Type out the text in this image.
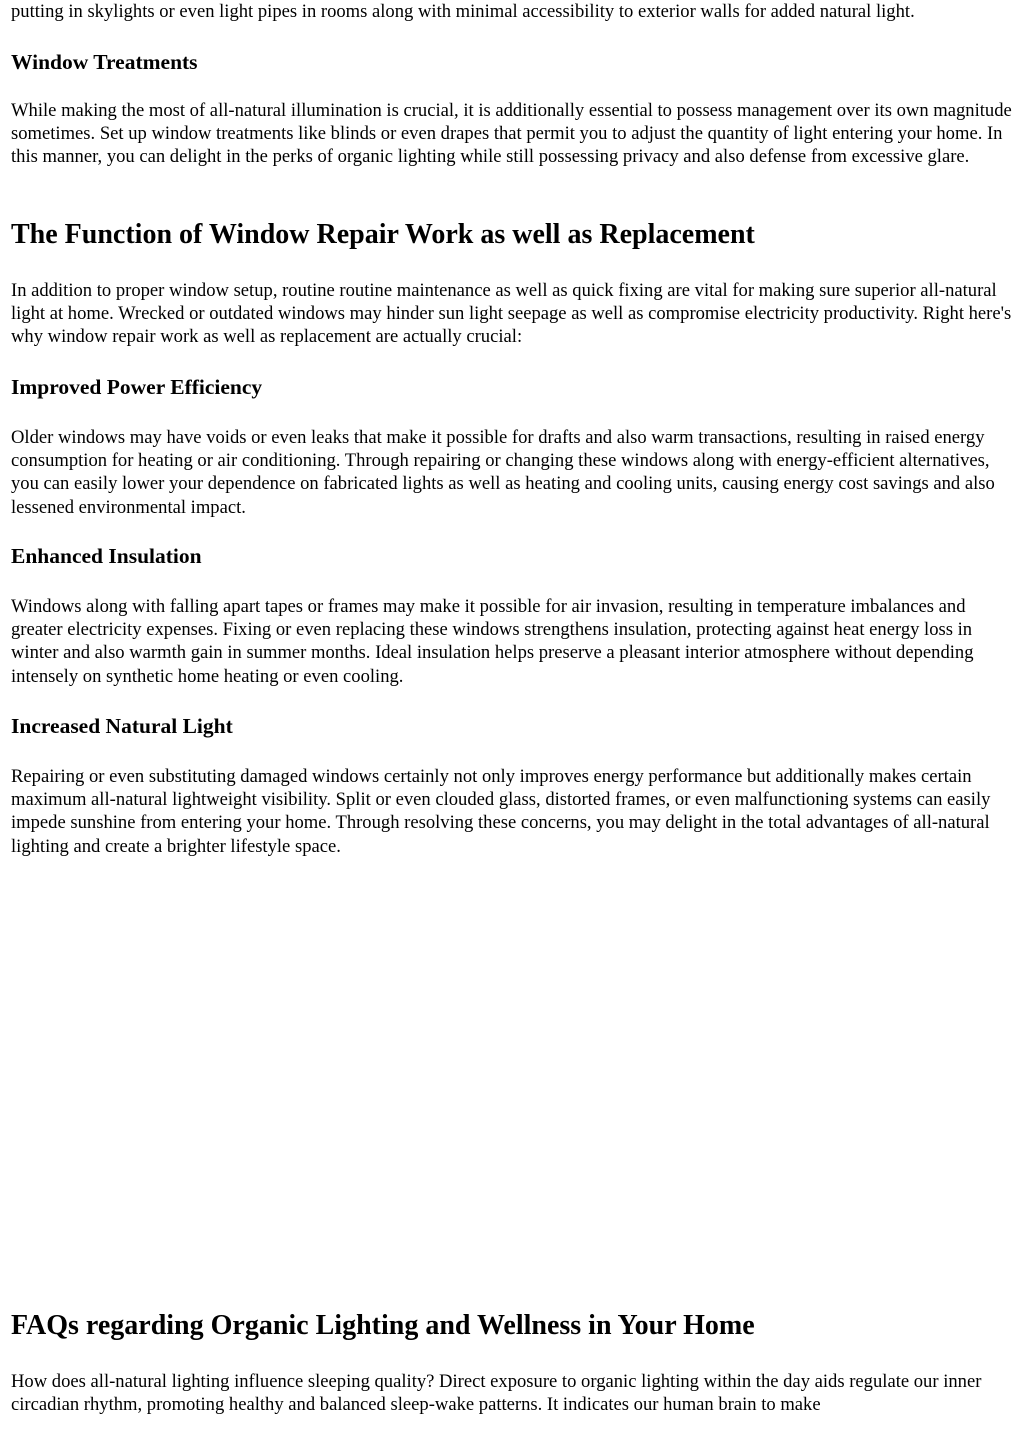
putting in skylights or even light pipes in rooms along with minimal accessibility to exterior walls for added natural light.

Window Treatments

While making the most of all-natural illumination is crucial, it is additionally essential to possess management over its own magnitude sometimes. Set up window treatments like blinds or even drapes that permit you to adjust the quantity of light entering your home. In this manner, you can delight in the perks of organic lighting while still possessing privacy and also defense from excessive glare.

The Function of Window Repair Work as well as Replacement

In addition to proper window setup, routine routine maintenance as well as quick fixing are vital for making sure superior all-natural light at home. Wrecked or outdated windows may hinder sun light seepage as well as compromise electricity productivity. Right here's why window repair work as well as replacement are actually crucial:

Improved Power Efficiency

Older windows may have voids or even leaks that make it possible for drafts and also warm transactions, resulting in raised energy consumption for heating or air conditioning. Through repairing or changing these windows along with energy-efficient alternatives, you can easily lower your dependence on fabricated lights as well as heating and cooling units, causing energy cost savings and also lessened environmental impact.

Enhanced Insulation

Windows along with falling apart tapes or frames may make it possible for air invasion, resulting in temperature imbalances and greater electricity expenses. Fixing or even replacing these windows strengthens insulation, protecting against heat energy loss in winter and also warmth gain in summer months. Ideal insulation helps preserve a pleasant interior atmosphere without depending intensely on synthetic home heating or even cooling.

Increased Natural Light

Repairing or even substituting damaged windows certainly not only improves energy performance but additionally makes certain maximum all-natural lightweight visibility. Split or even clouded glass, distorted frames, or even malfunctioning systems can easily impede sunshine from entering your home. Through resolving these concerns, you may delight in the total advantages of all-natural lighting and create a brighter lifestyle space.

FAQs regarding Organic Lighting and Wellness in Your Home

How does all-natural lighting influence sleeping quality? Direct exposure to organic lighting within the day aids regulate our inner circadian rhythm, promoting healthy and balanced sleep-wake patterns. It indicates our human brain to make
